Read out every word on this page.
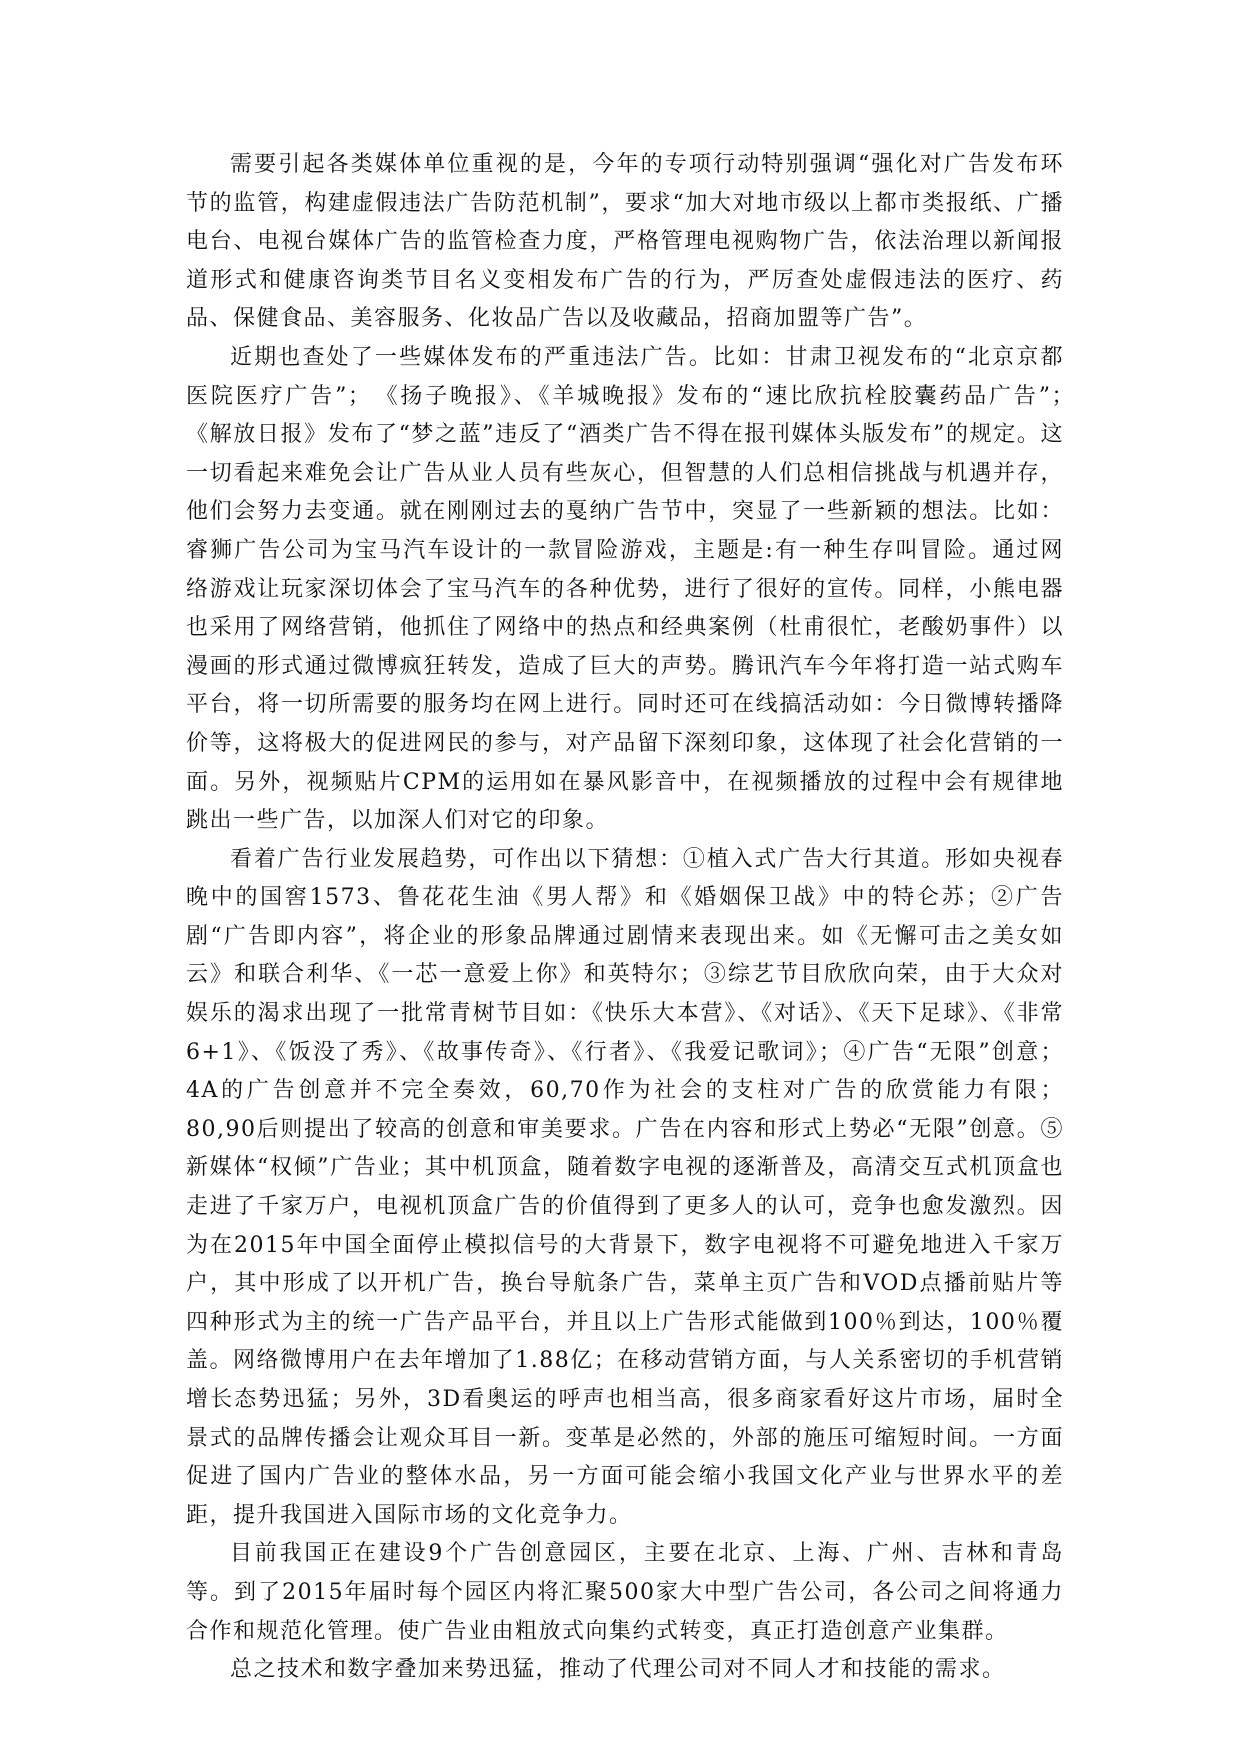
需要引起各类媒体单位重视的是，今年的专项行动特别强调“强化对广告发布环节的监管，构建虚假违法广告防范机制”，要求“加大对地市级以上都市类报纸、广播电台、电视台媒体广告的监管检查力度，严格管理电视购物广告，依法治理以新闻报道形式和健康咨询类节目名义变相发布广告的行为，严厉查处虚假违法的医疗、药品、保健食品、美容服务、化妆品广告以及收藏品，招商加盟等广告”。

近期也查处了一些媒体发布的严重违法广告。比如：甘肃卫视发布的“北京京都医院医疗广告”；　《扬子晚报》、《羊城晚报》发布的“速比欣抗栓胶囊药品广告”；　《解放日报》发布了“梦之蓝”违反了“酒类广告不得在报刊媒体头版发布”的规定。这一切看起来难免会让广告从业人员有些灰心，但智慧的人们总相信挑战与机遇并存，他们会努力去变通。就在刚刚过去的戛纳广告节中，突显了一些新颖的想法。比如：睿狮广告公司为宝马汽车设计的一款冒险游戏，主题是:有一种生存叫冒险。通过网络游戏让玩家深切体会了宝马汽车的各种优势，进行了很好的宣传。同样，小熊电器也采用了网络营销，他抓住了网络中的热点和经典案例（杜甫很忙，老酸奶事件）以漫画的形式通过微博疯狂转发，造成了巨大的声势。腾讯汽车今年将打造一站式购车平台，将一切所需要的服务均在网上进行。同时还可在线搞活动如：今日微博转播降价等，这将极大的促进网民的参与，对产品留下深刻印象，这体现了社会化营销的一面。另外，视频贴片CPM的运用如在暴风影音中，在视频播放的过程中会有规律地跳出一些广告，以加深人们对它的印象。

看着广告行业发展趋势，可作出以下猜想：①植入式广告大行其道。形如央视春晚中的国窖1573、鲁花花生油《男人帮》和《婚姻保卫战》中的特仑苏；②广告剧“广告即内容”，将企业的形象品牌通过剧情来表现出来。如《无懈可击之美女如云》和联合利华、《一芯一意爱上你》和英特尔；③综艺节目欣欣向荣，由于大众对娱乐的渴求出现了一批常青树节目如：《快乐大本营》、《对话》、《天下足球》、《非常6+1》、《饭没了秀》、《故事传奇》、《行者》、《我爱记歌词》；④广告“无限”创意；4A的广告创意并不完全奏效，60,70作为社会的支柱对广告的欣赏能力有限；80,90后则提出了较高的创意和审美要求。广告在内容和形式上势必“无限”创意。⑤新媒体“权倾”广告业；其中机顶盒，随着数字电视的逐渐普及，高清交互式机顶盒也走进了千家万户，电视机顶盒广告的价值得到了更多人的认可，竞争也愈发激烈。因为在2015年中国全面停止模拟信号的大背景下，数字电视将不可避免地进入千家万户，其中形成了以开机广告，换台导航条广告，菜单主页广告和VOD点播前贴片等四种形式为主的统一广告产品平台，并且以上广告形式能做到100％到达，100％覆盖。网络微博用户在去年增加了1.88亿；在移动营销方面，与人关系密切的手机营销增长态势迅猛；另外，3D看奥运的呼声也相当高，很多商家看好这片市场，届时全景式的品牌传播会让观众耳目一新。变革是必然的，外部的施压可缩短时间。一方面促进了国内广告业的整体水品，另一方面可能会缩小我国文化产业与世界水平的差距，提升我国进入国际市场的文化竞争力。

目前我国正在建设9个广告创意园区，主要在北京、上海、广州、吉林和青岛等。到了2015年届时每个园区内将汇聚500家大中型广告公司，各公司之间将通力合作和规范化管理。使广告业由粗放式向集约式转变，真正打造创意产业集群。

总之技术和数字叠加来势迅猛，推动了代理公司对不同人才和技能的需求。
